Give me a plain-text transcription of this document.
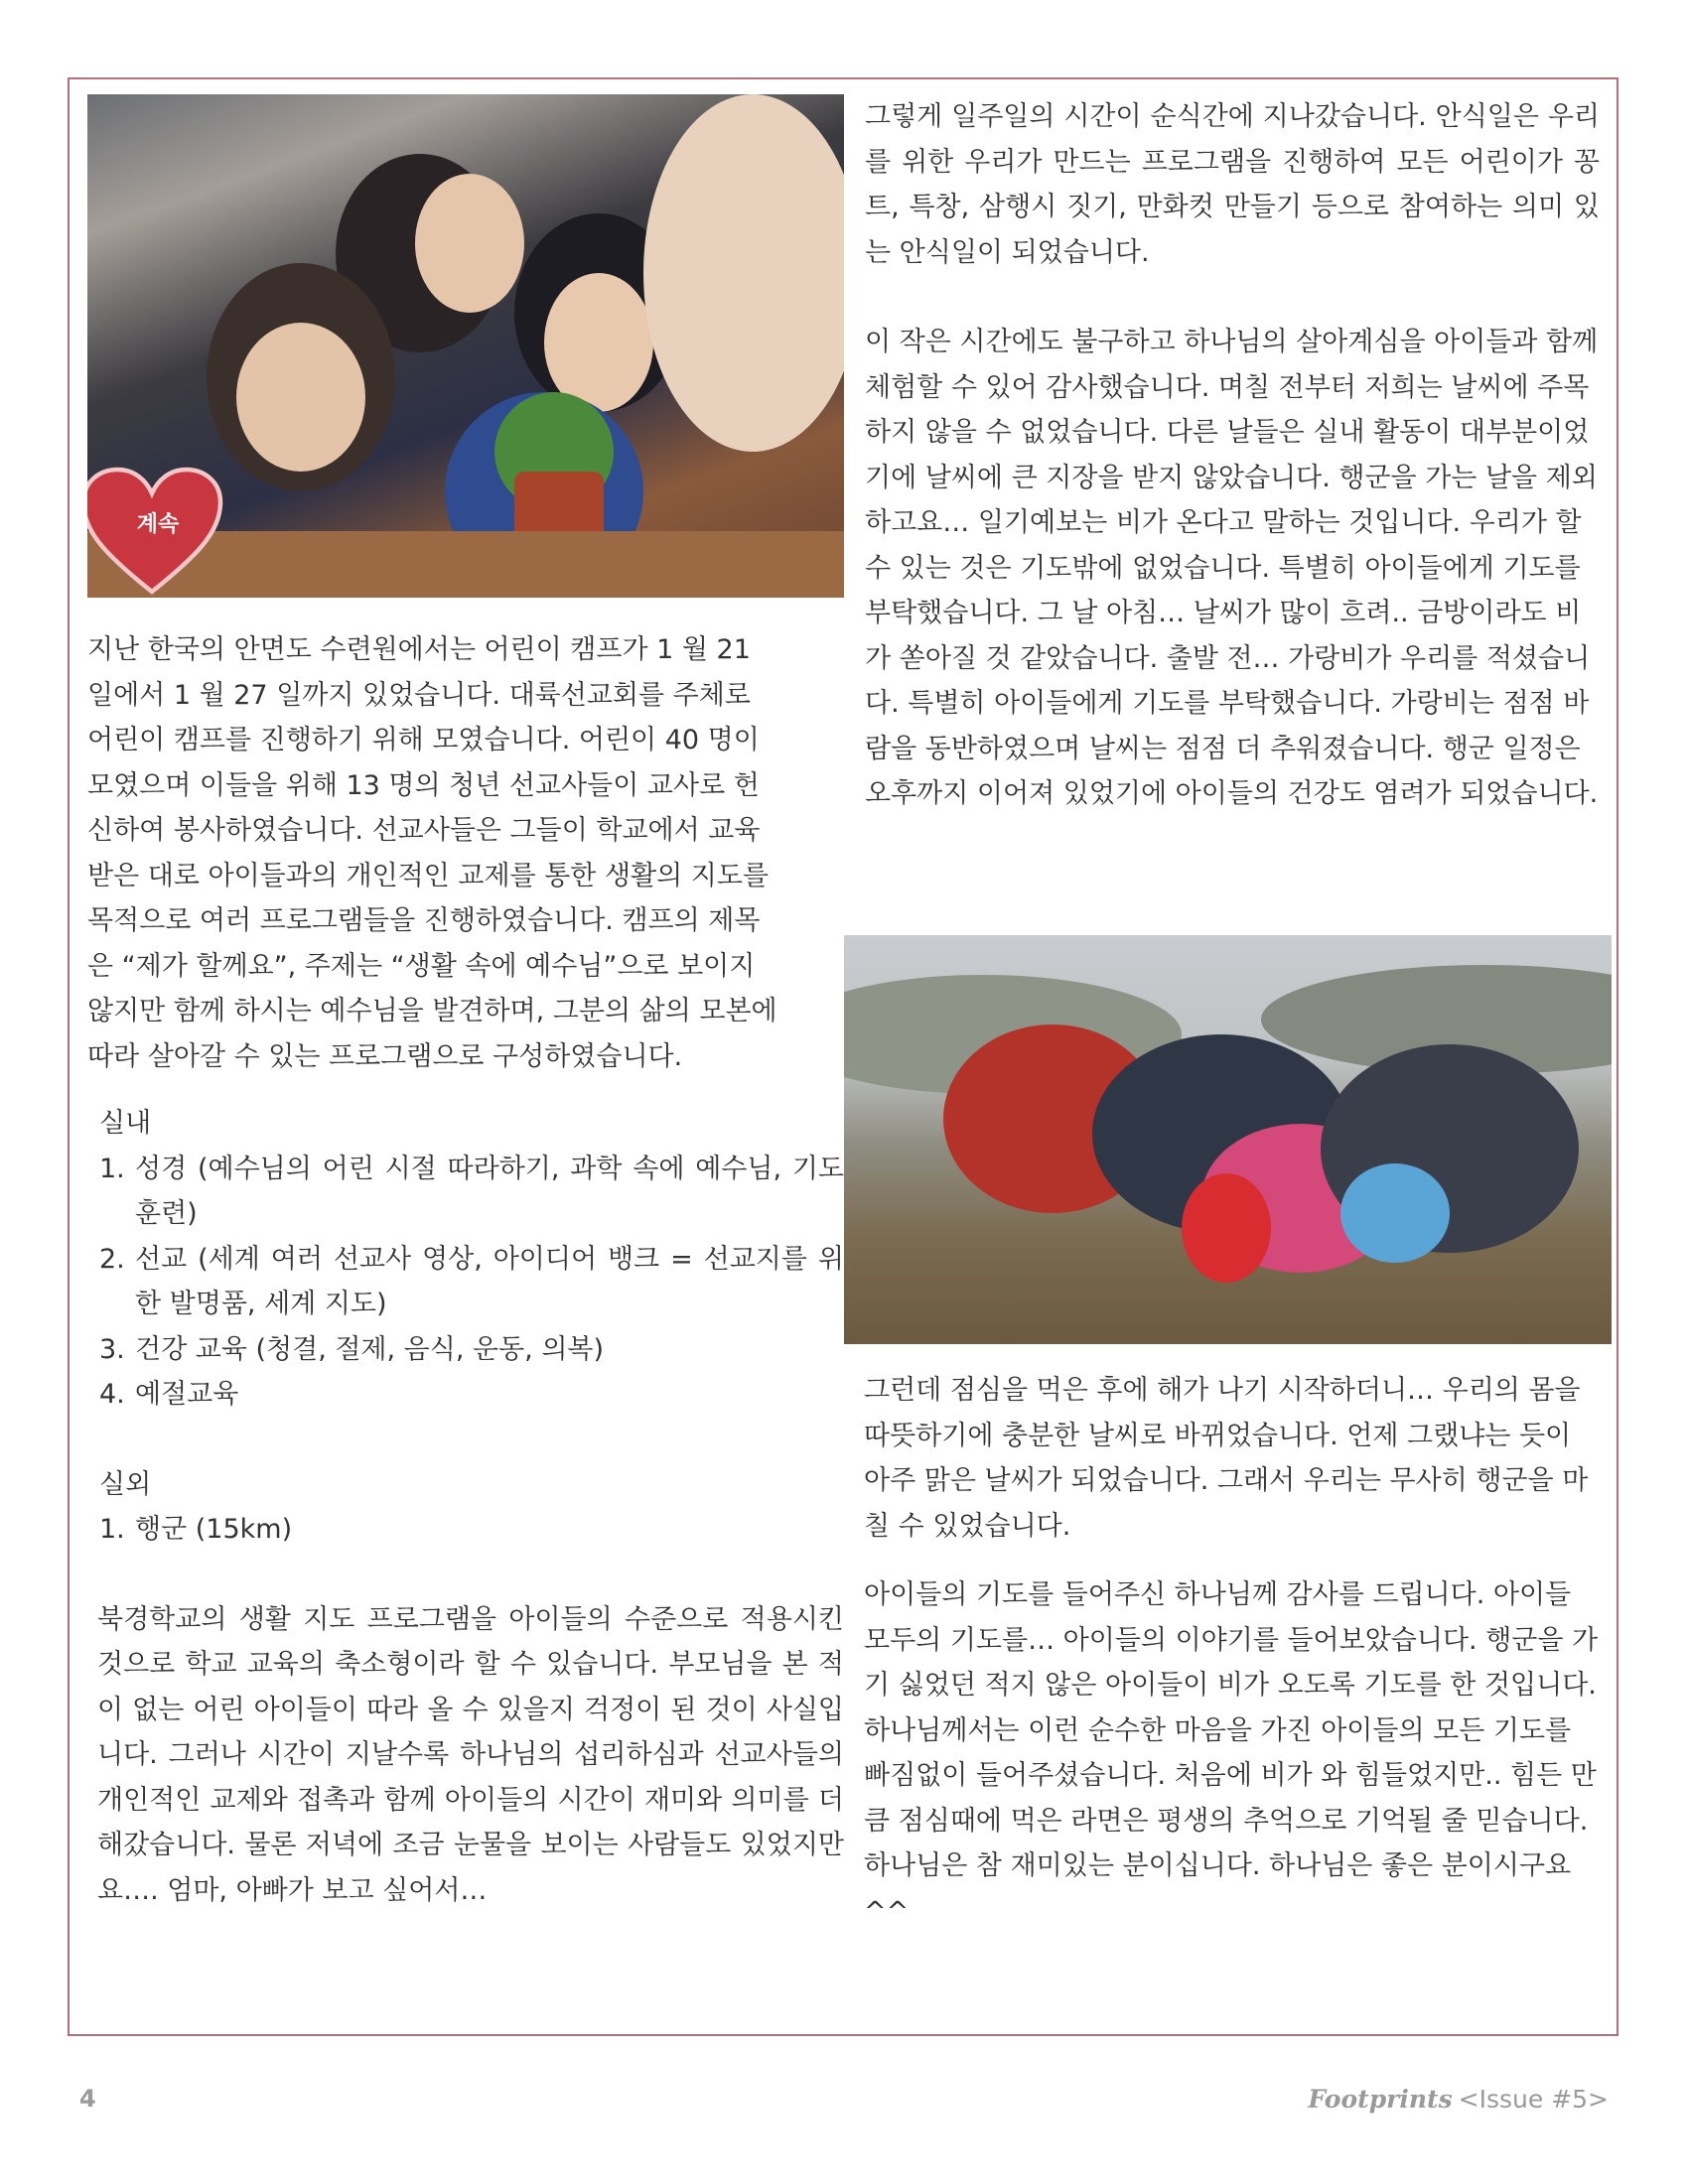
계속
지난 한국의 안면도 수련원에서는 어린이 캠프가 1 월 21 일에서 1 월 27 일까지 있었습니다. 대륙선교회를 주체로 어린이 캠프를 진행하기 위해 모였습니다. 어린이 40 명이 모였으며 이들을 위해 13 명의 청년 선교사들이 교사로 헌신하여 봉사하였습니다. 선교사들은 그들이 학교에서 교육 받은 대로 아이들과의 개인적인 교제를 통한 생활의 지도를 목적으로 여러 프로그램들을 진행하였습니다. 캠프의 제목은 “제가 할께요”, 주제는 “생활 속에 예수님”으로 보이지 않지만 함께 하시는 예수님을 발견하며, 그분의 삶의 모본에 따라 살아갈 수 있는 프로그램으로 구성하였습니다.
실내
1. 성경 (예수님의 어린 시절 따라하기, 과학 속에 예수님, 기도훈련)
2. 선교 (세계 여러 선교사 영상, 아이디어 뱅크 = 선교지를 위한 발명품, 세계 지도)
3. 건강 교육 (청결, 절제, 음식, 운동, 의복)
4. 예절교육
실외
1. 행군 (15km)
북경학교의 생활 지도 프로그램을 아이들의 수준으로 적용시킨 것으로 학교 교육의 축소형이라 할 수 있습니다. 부모님을 본 적이 없는 어린 아이들이 따라 올 수 있을지 걱정이 된 것이 사실입니다. 그러나 시간이 지날수록 하나님의 섭리하심과 선교사들의 개인적인 교제와 접촉과 함께 아이들의 시간이 재미와 의미를 더해갔습니다. 물론 저녁에 조금 눈물을 보이는 사람들도 있었지만요…. 엄마, 아빠가 보고 싶어서…
그렇게 일주일의 시간이 순식간에 지나갔습니다. 안식일은 우리를 위한 우리가 만드는 프로그램을 진행하여 모든 어린이가 꽁트, 특창, 삼행시 짓기, 만화컷 만들기 등으로 참여하는 의미 있는 안식일이 되었습니다.
이 작은 시간에도 불구하고 하나님의 살아계심을 아이들과 함께 체험할 수 있어 감사했습니다. 며칠 전부터 저희는 날씨에 주목하지 않을 수 없었습니다. 다른 날들은 실내 활동이 대부분이었기에 날씨에 큰 지장을 받지 않았습니다. 행군을 가는 날을 제외하고요… 일기예보는 비가 온다고 말하는 것입니다. 우리가 할 수 있는 것은 기도밖에 없었습니다. 특별히 아이들에게 기도를 부탁했습니다. 그 날 아침… 날씨가 많이 흐려.. 금방이라도 비가 쏟아질 것 같았습니다. 출발 전… 가랑비가 우리를 적셨습니다. 특별히 아이들에게 기도를 부탁했습니다. 가랑비는 점점 바람을 동반하였으며 날씨는 점점 더 추워졌습니다. 행군 일정은 오후까지 이어져 있었기에 아이들의 건강도 염려가 되었습니다.
그런데 점심을 먹은 후에 해가 나기 시작하더니… 우리의 몸을 따뜻하기에 충분한 날씨로 바뀌었습니다. 언제 그랬냐는 듯이 아주 맑은 날씨가 되었습니다. 그래서 우리는 무사히 행군을 마칠 수 있었습니다.
아이들의 기도를 들어주신 하나님께 감사를 드립니다. 아이들 모두의 기도를… 아이들의 이야기를 들어보았습니다. 행군을 가기 싫었던 적지 않은 아이들이 비가 오도록 기도를 한 것입니다. 하나님께서는 이런 순수한 마음을 가진 아이들의 모든 기도를 빠짐없이 들어주셨습니다. 처음에 비가 와 힘들었지만.. 힘든 만큼 점심때에 먹은 라면은 평생의 추억으로 기억될 줄 믿습니다. 하나님은 참 재미있는 분이십니다. 하나님은 좋은 분이시구요^^
4	Footprints <Issue #5>
